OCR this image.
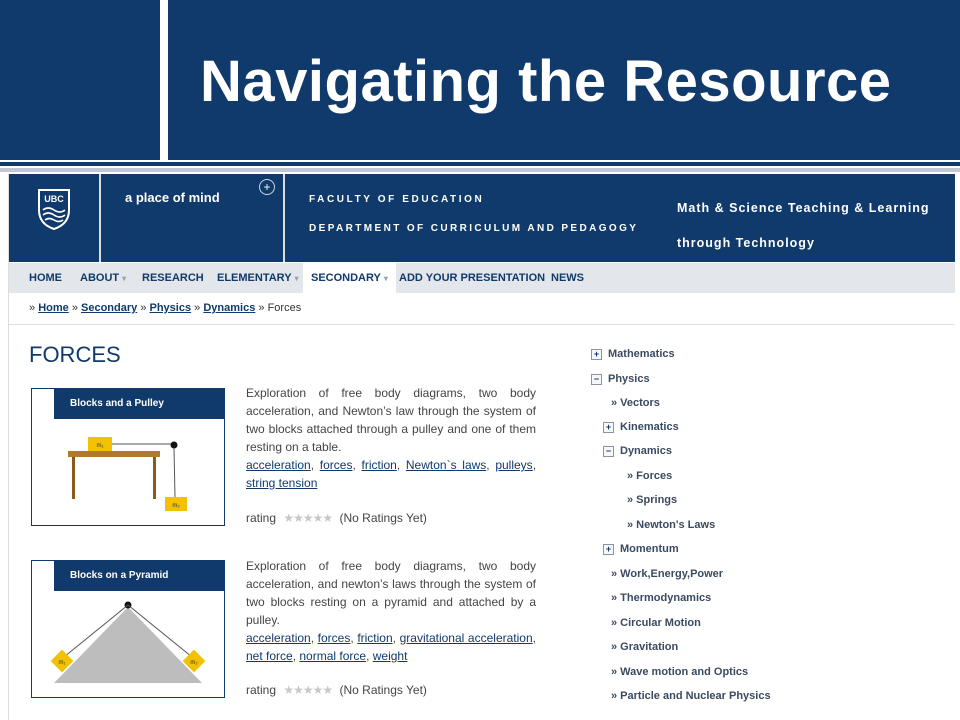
Navigating the Resource
UBC	a place of mind
+
FACULTY OF EDUCATION
DEPARTMENT OF CURRICULUM AND PEDAGOGY
Math & Science Teaching & Learning through Technology
HOME ABOUT ▾ RESEARCH ELEMENTARY ▾	SECONDARY ▾	ADD YOUR PRESENTATION NEWS
» Home » Secondary » Physics » Dynamics » Forces
FORCES
Blocks and a Pulley
m₁
m₂
Exploration of free body diagrams, two body acceleration, and Newton’s law through the system of two blocks attached through a pulley and one of them resting on a table.
acceleration, forces, friction, Newton`s laws, pulleys, string tension
rating ★★★★★ (No Ratings Yet)
Blocks on a Pyramid
m₁	m₂
Exploration of free body diagrams, two body acceleration, and newton’s laws through the system of two blocks resting on a pyramid and attached by a pulley.
acceleration, forces, friction, gravitational acceleration, net force, normal force, weight
rating ★★★★★ (No Ratings Yet)
+ Mathematics
− Physics
» Vectors
+ Kinematics
− Dynamics
» Forces
» Springs
» Newton's Laws
+ Momentum
» Work,Energy,Power
» Thermodynamics
» Circular Motion
» Gravitation
» Wave motion and Optics
» Particle and Nuclear Physics
